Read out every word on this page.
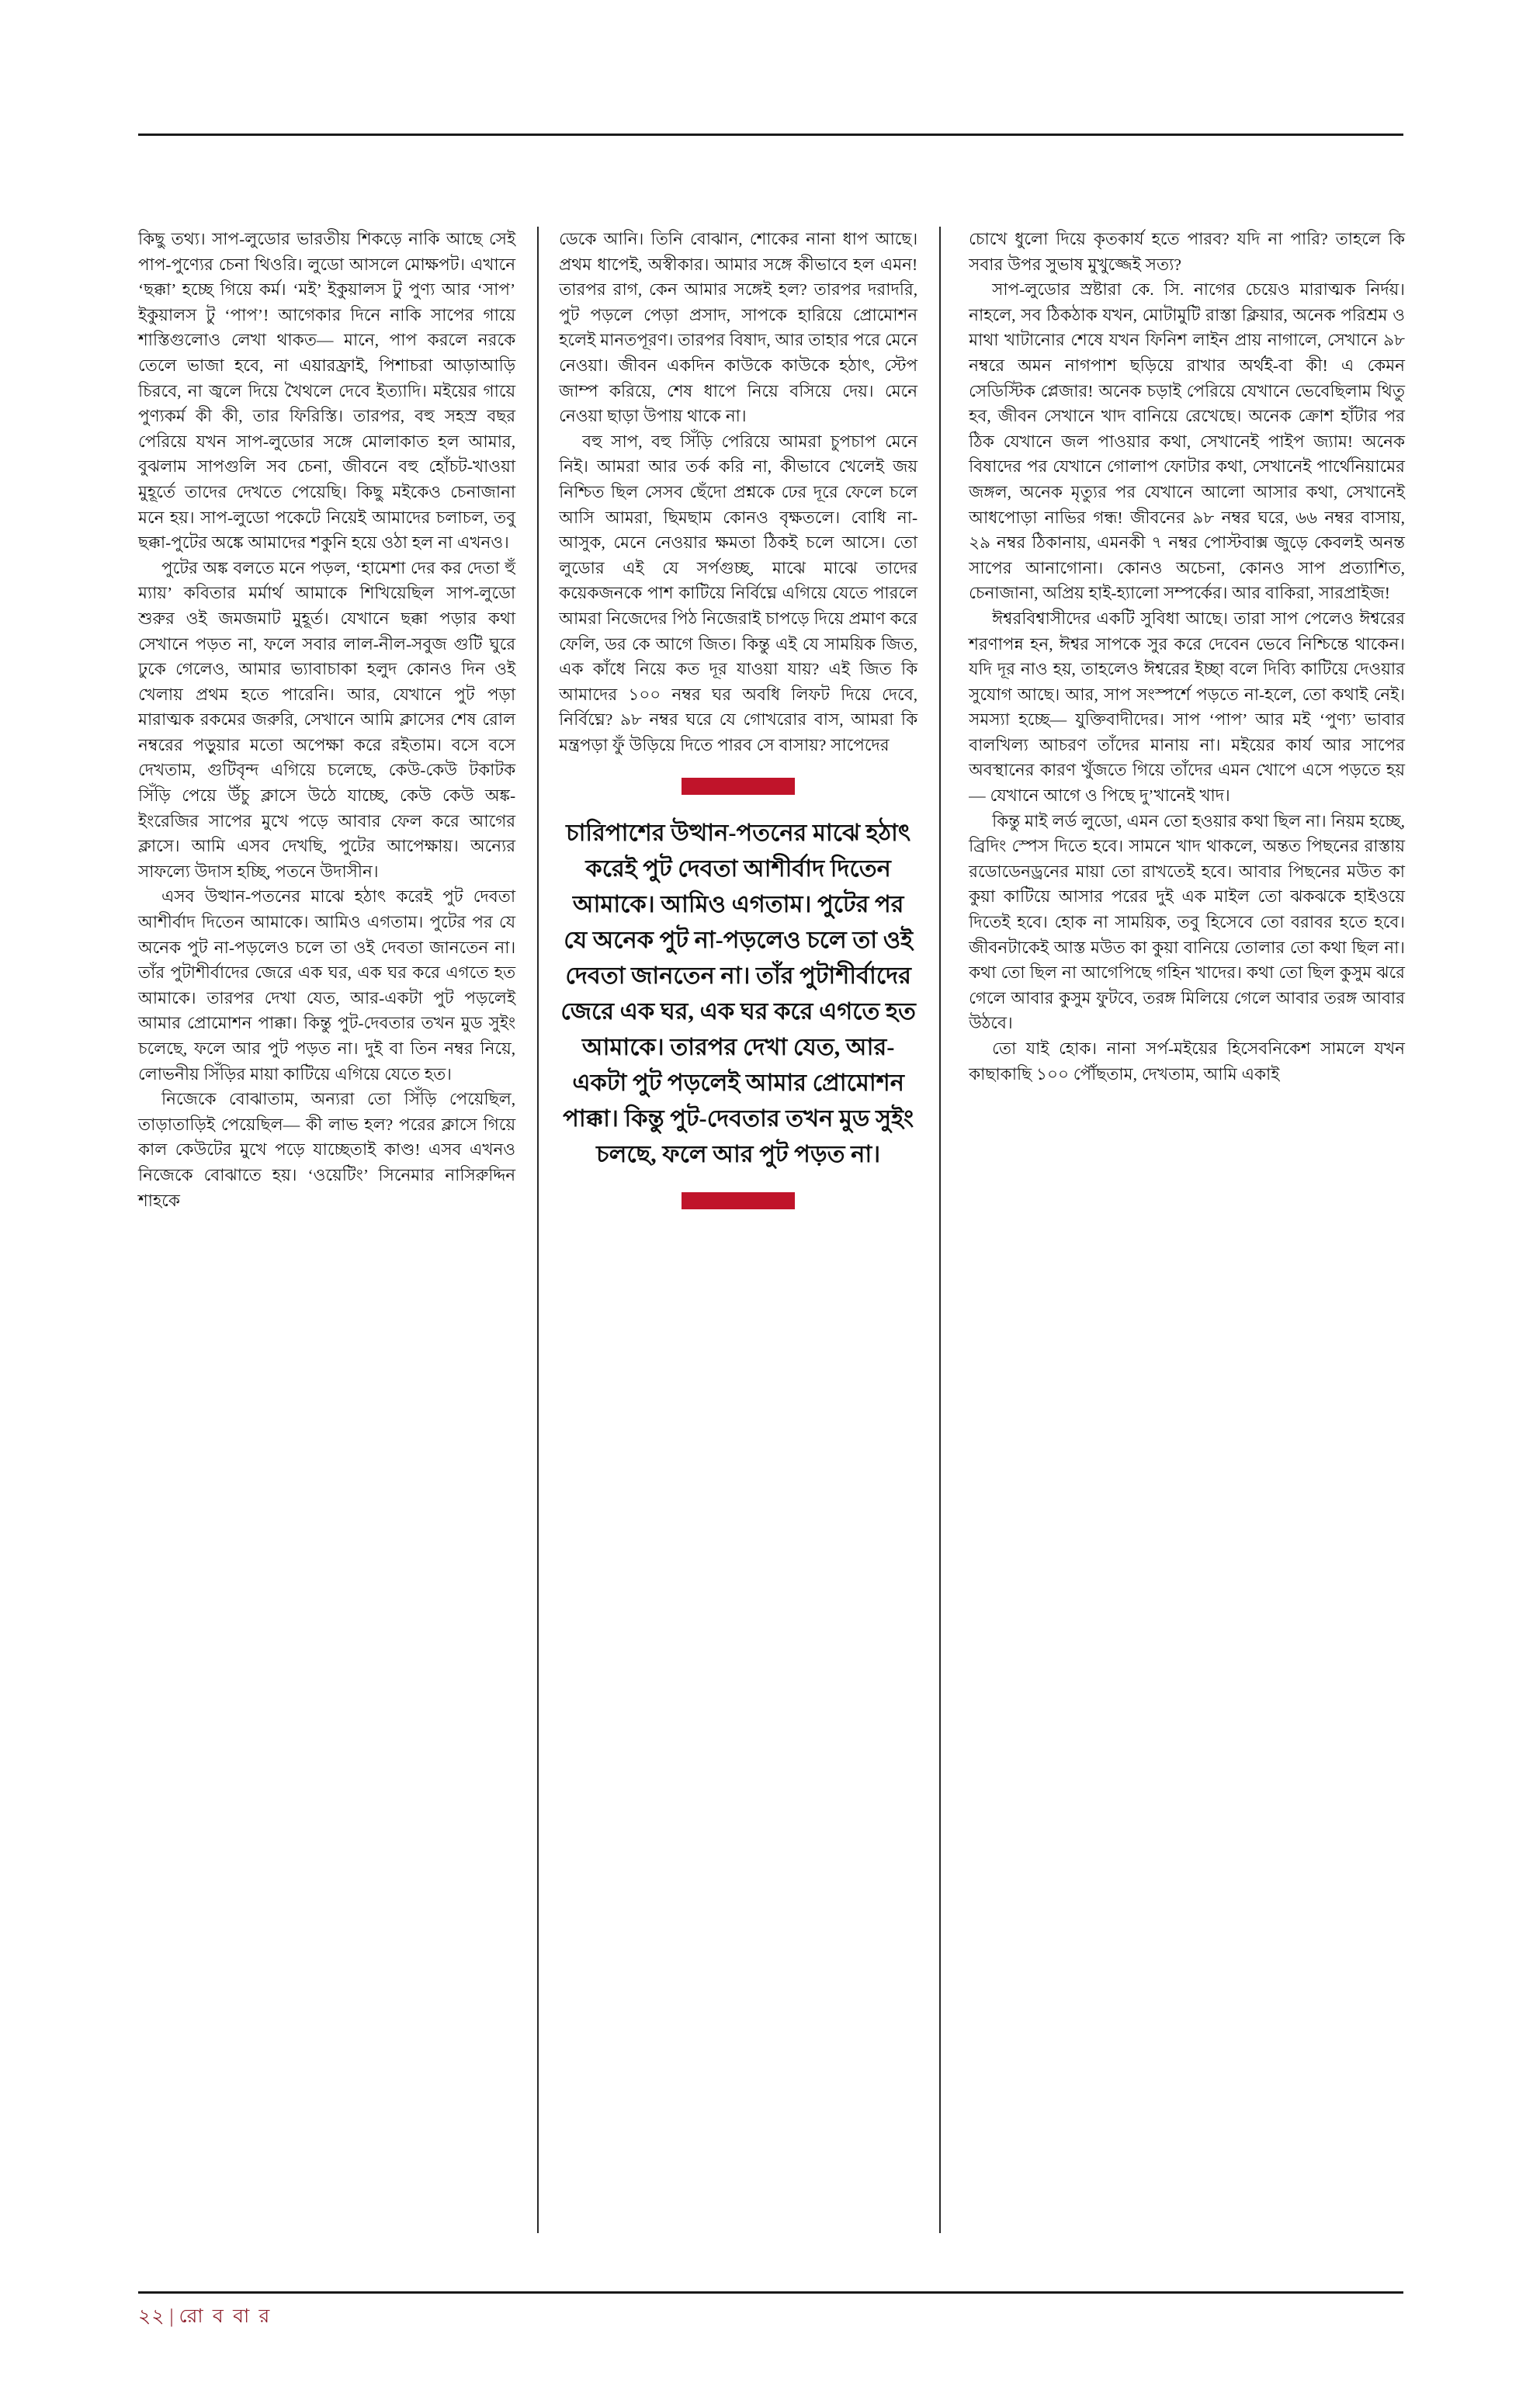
কিছু তথ্য। সাপ-লুডোর ভারতীয় শিকড়ে নাকি আছে সেই পাপ-পুণ্যের চেনা থিওরি। লুডো আসলে মোক্ষপট। এখানে ‘ছক্কা’ হচ্ছে গিয়ে কর্ম। ‘মই’ ইকুয়ালস টু পুণ্য আর ‘সাপ’ ইকুয়ালস টু ‘পাপ’! আগেকার দিনে নাকি সাপের গায়ে শাস্তিগুলোও লেখা থাকত— মানে, পাপ করলে নরকে তেলে ভাজা হবে, না এয়ারফ্রাই, পিশাচরা আড়াআড়ি চিরবে, না জ্বলে দিয়ে খৈথলে দেবে ইত্যাদি। মইয়ের গায়ে পুণ্যকর্ম কী কী, তার ফিরিস্তি। তারপর, বহু সহস্র বছর পেরিয়ে যখন সাপ-লুডোর সঙ্গে মোলাকাত হল আমার, বুঝলাম সাপগুলি সব চেনা, জীবনে বহু হোঁচট-খাওয়া মুহূর্তে তাদের দেখতে পেয়েছি। কিছু মইকেও চেনাজানা মনে হয়। সাপ-লুডো পকেটে নিয়েই আমাদের চলাচল, তবু ছক্কা-পুটের অঙ্কে আমাদের শকুনি হয়ে ওঠা হল না এখনও।

পুটের অঙ্ক বলতে মনে পড়ল, ‘হামেশা দের কর দেতা হুঁ ম্যায়’ কবিতার মর্মার্থ আমাকে শিখিয়েছিল সাপ-লুডো শুরুর ওই জমজমাট মুহূর্ত। যেখানে ছক্কা পড়ার কথা সেখানে পড়ত না, ফলে সবার লাল-নীল-সবুজ গুটি ঘুরে ঢুকে গেলেও, আমার ভ্যাবাচাকা হলুদ কোনও দিন ওই খেলায় প্রথম হতে পারেনি। আর, যেখানে পুট পড়া মারাত্মক রকমের জরুরি, সেখানে আমি ক্লাসের শেষ রোল নম্বরের পড়ুয়ার মতো অপেক্ষা করে রইতাম। বসে বসে দেখতাম, গুটিবৃন্দ এগিয়ে চলেছে, কেউ-কেউ টকাটক সিঁড়ি পেয়ে উঁচু ক্লাসে উঠে যাচ্ছে, কেউ কেউ অঙ্ক-ইংরেজির সাপের মুখে পড়ে আবার ফেল করে আগের ক্লাসে। আমি এসব দেখছি, পুটের আপেক্ষায়। অন্যের সাফল্যে উদাস হচ্ছি, পতনে উদাসীন।

এসব উত্থান-পতনের মাঝে হঠাৎ করেই পুট দেবতা আশীর্বাদ দিতেন আমাকে। আমিও এগতাম। পুটের পর যে অনেক পুট না-পড়লেও চলে তা ওই দেবতা জানতেন না। তাঁর পুটাশীর্বাদের জেরে এক ঘর, এক ঘর করে এগতে হত আমাকে। তারপর দেখা যেত, আর-একটা পুট পড়লেই আমার প্রোমোশন পাক্কা। কিন্তু পুট-দেবতার তখন মুড সুইং চলেছে, ফলে আর পুট পড়ত না। দুই বা তিন নম্বর নিয়ে, লোভনীয় সিঁড়ির মায়া কাটিয়ে এগিয়ে যেতে হত।

নিজেকে বোঝাতাম, অন্যরা তো সিঁড়ি পেয়েছিল, তাড়াতাড়িই পেয়েছিল— কী লাভ হল? পরের ক্লাসে গিয়ে কাল কেউটের মুখে পড়ে যাচ্ছেতাই কাণ্ড! এসব এখনও নিজেকে বোঝাতে হয়। ‘ওয়েটিং’ সিনেমার নাসিরুদ্দিন শাহকে

ডেকে আনি। তিনি বোঝান, শোকের নানা ধাপ আছে। প্রথম ধাপেই, অস্বীকার। আমার সঙ্গে কীভাবে হল এমন! তারপর রাগ, কেন আমার সঙ্গেই হল? তারপর দরাদরি, পুট পড়লে পেড়া প্রসাদ, সাপকে হারিয়ে প্রোমোশন হলেই মানতপূরণ। তারপর বিষাদ, আর তাহার পরে মেনে নেওয়া। জীবন একদিন কাউকে কাউকে হঠাৎ, স্টেপ জাম্প করিয়ে, শেষ ধাপে নিয়ে বসিয়ে দেয়। মেনে নেওয়া ছাড়া উপায় থাকে না।

বহু সাপ, বহু সিঁড়ি পেরিয়ে আমরা চুপচাপ মেনে নিই। আমরা আর তর্ক করি না, কীভাবে খেলেই জয় নিশ্চিত ছিল সেসব ছেঁদো প্রশ্নকে ঢের দূরে ফেলে চলে আসি আমরা, ছিমছাম কোনও বৃক্ষতলে। বোধি না-আসুক, মেনে নেওয়ার ক্ষমতা ঠিকই চলে আসে। তো লুডোর এই যে সর্পগুচ্ছ, মাঝে মাঝে তাদের কয়েকজনকে পাশ কাটিয়ে নির্বিঘ্নে এগিয়ে যেতে পারলে আমরা নিজেদের পিঠ নিজেরাই চাপড়ে দিয়ে প্রমাণ করে ফেলি, ডর কে আগে জিত। কিন্তু এই যে সাময়িক জিত, এক কাঁধে নিয়ে কত দূর যাওয়া যায়? এই জিত কি আমাদের ১০০ নম্বর ঘর অবধি লিফট দিয়ে দেবে, নির্বিঘ্নে? ৯৮ নম্বর ঘরে যে গোখরোর বাস, আমরা কি মন্ত্রপড়া ফুঁ উড়িয়ে দিতে পারব সে বাসায়? সাপেদের

চারিপাশের উত্থান-পতনের মাঝে হঠাৎ করেই পুট দেবতা আশীর্বাদ দিতেন আমাকে। আমিও এগতাম। পুটের পর যে অনেক পুট না-পড়লেও চলে তা ওই দেবতা জানতেন না। তাঁর পুটাশীর্বাদের জেরে এক ঘর, এক ঘর করে এগতে হত আমাকে। তারপর দেখা যেত, আর-একটা পুট পড়লেই আমার প্রোমোশন পাক্কা। কিন্তু পুট-দেবতার তখন মুড সুইং চলছে, ফলে আর পুট পড়ত না।

চোখে ধুলো দিয়ে কৃতকার্য হতে পারব? যদি না পারি? তাহলে কি সবার উপর সুভাষ মুখুজ্জেই সত্য?

সাপ-লুডোর স্রষ্টারা কে. সি. নাগের চেয়েও মারাত্মক নির্দয়। নাহলে, সব ঠিকঠাক যখন, মোটামুটি রাস্তা ক্লিয়ার, অনেক পরিশ্রম ও মাথা খাটানোর শেষে যখন ফিনিশ লাইন প্রায় নাগালে, সেখানে ৯৮ নম্বরে অমন নাগপাশ ছড়িয়ে রাখার অর্থই-বা কী! এ কেমন সেডিস্টিক প্লেজার! অনেক চড়াই পেরিয়ে যেখানে ভেবেছিলাম থিতু হব, জীবন সেখানে খাদ বানিয়ে রেখেছে। অনেক ক্রোশ হাঁটার পর ঠিক যেখানে জল পাওয়ার কথা, সেখানেই পাইপ জ্যাম! অনেক বিষাদের পর যেখানে গোলাপ ফোটার কথা, সেখানেই পার্থেনিয়ামের জঙ্গল, অনেক মৃত্যুর পর যেখানে আলো আসার কথা, সেখানেই আধপোড়া নাভির গন্ধ! জীবনের ৯৮ নম্বর ঘরে, ৬৬ নম্বর বাসায়, ২৯ নম্বর ঠিকানায়, এমনকী ৭ নম্বর পোস্টবাক্স জুড়ে কেবলই অনন্ত সাপের আনাগোনা। কোনও অচেনা, কোনও সাপ প্রত্যাশিত, চেনাজানা, অপ্রিয় হাই-হ্যালো সম্পর্কের। আর বাকিরা, সারপ্রাইজ!

ঈশ্বরবিশ্বাসীদের একটি সুবিধা আছে। তারা সাপ পেলেও ঈশ্বরের শরণাপন্ন হন, ঈশ্বর সাপকে সুর করে দেবেন ভেবে নিশ্চিন্তে থাকেন। যদি দূর নাও হয়, তাহলেও ঈশ্বরের ইচ্ছা বলে দিব্যি কাটিয়ে দেওয়ার সুযোগ আছে। আর, সাপ সংস্পর্শে পড়তে না-হলে, তো কথাই নেই। সমস্যা হচ্ছে— যুক্তিবাদীদের। সাপ ‘পাপ’ আর মই ‘পুণ্য’ ভাবার বালখিল্য আচরণ তাঁদের মানায় না। মইয়ের কার্য আর সাপের অবস্থানের কারণ খুঁজতে গিয়ে তাঁদের এমন খোপে এসে পড়তে হয়— যেখানে আগে ও পিছে দু’খানেই খাদ।

কিন্তু মাই লর্ড লুডো, এমন তো হওয়ার কথা ছিল না। নিয়ম হচ্ছে, ব্রিদিং স্পেস দিতে হবে। সামনে খাদ থাকলে, অন্তত পিছনের রাস্তায় রডোডেনড্রনের মায়া তো রাখতেই হবে। আবার পিছনের মউত কা কুয়া কাটিয়ে আসার পরের দুই এক মাইল তো ঝকঝকে হাইওয়ে দিতেই হবে। হোক না সাময়িক, তবু হিসেবে তো বরাবর হতে হবে। জীবনটাকেই আস্ত মউত কা কুয়া বানিয়ে তোলার তো কথা ছিল না। কথা তো ছিল না আগেপিছে গহিন খাদের। কথা তো ছিল কুসুম ঝরে গেলে আবার কুসুম ফুটবে, তরঙ্গ মিলিয়ে গেলে আবার তরঙ্গ আবার উঠবে।

তো যাই হোক। নানা সর্প-মইয়ের হিসেবনিকেশ সামলে যখন কাছাকাছি ১০০ পৌঁছতাম, দেখতাম, আমি একাই

২২ | রো ব বা র
